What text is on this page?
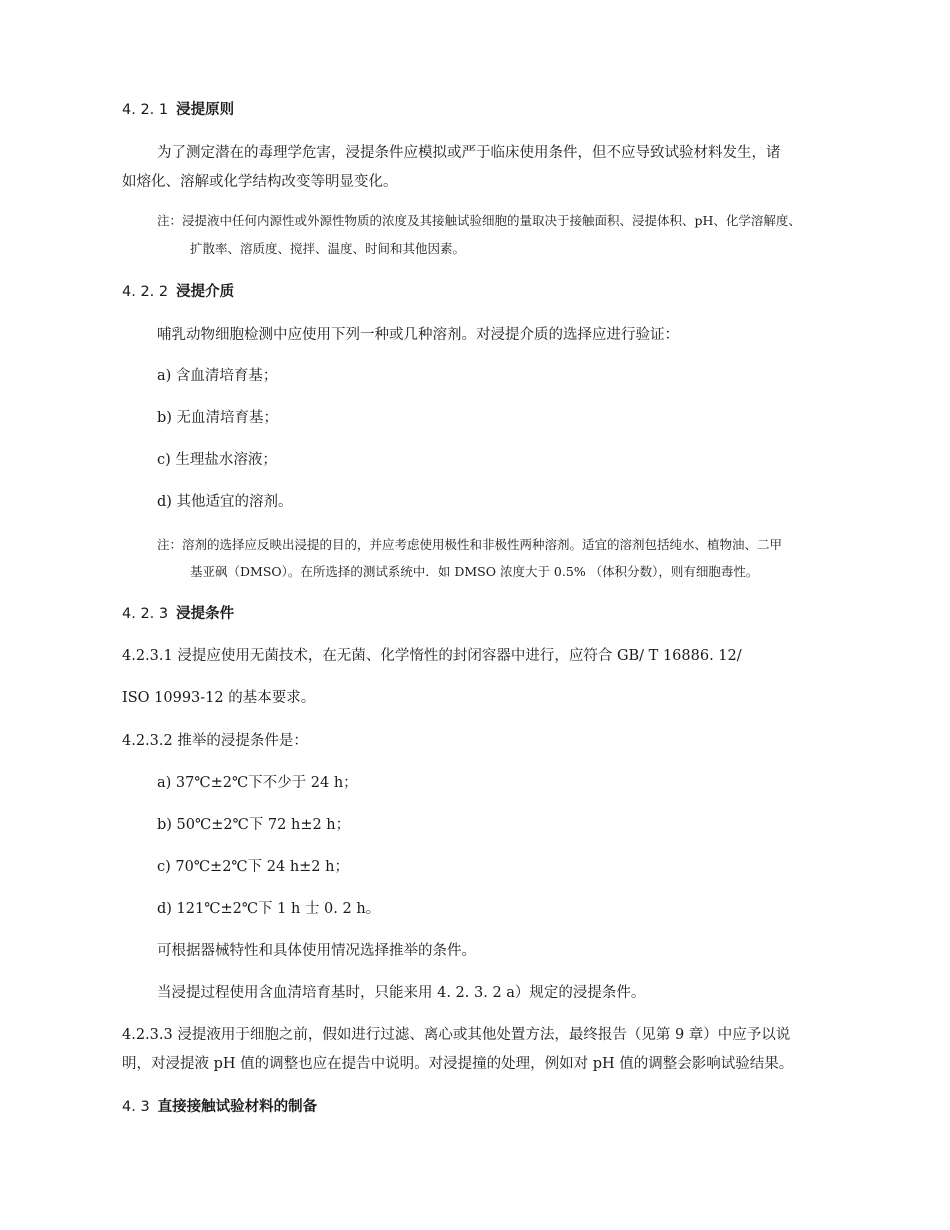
4. 2. 1 浸提原则
为了测定潜在的毒理学危害，浸提条件应模拟或严于临床使用条件，但不应导致试验材料发生，诸
如熔化、溶解或化学结构改变等明显变化。
注：浸提液中任何内源性或外源性物质的浓度及其接触试验细胞的量取决于接触面积、浸提体积、pH、化学溶解度、
扩散率、溶质度、搅拌、温度、时间和其他因素。
4. 2. 2 浸提介质
哺乳动物细胞检测中应使用下列一种或几种溶剂。对浸提介质的选择应进行验证：
a) 含血清培育基；
b) 无血清培育基；
c) 生理盐水溶液；
d) 其他适宜的溶剂。
注：溶剂的选择应反映出浸提的目的，并应考虑使用极性和非极性两种溶剂。适宜的溶剂包括纯水、植物油、二甲
基亚砜（DMSO）。在所选择的测试系统中．如 DMSO 浓度大于 0.5% （体积分数），则有细胞毒性。
4. 2. 3 浸提条件
4.2.3.1 浸提应使用无菌技术，在无菌、化学惰性的封闭容器中进行，应符合 GB/ T 16886. 12/
ISO 10993-12 的基本要求。
4.2.3.2 推举的浸提条件是：
a) 37℃±2℃下不少于 24 h；
b) 50℃±2℃下 72 h±2 h；
c) 70℃±2℃下 24 h±2 h；
d) 121℃±2℃下 1 h 士 0. 2 h。
可根据器械特性和具体使用情况选择推举的条件。
当浸提过程使用含血清培育基时，只能来用 4. 2. 3. 2 a）规定的浸提条件。
4.2.3.3 浸提液用于细胞之前，假如进行过滤、离心或其他处置方法，最终报告（见第 9 章）中应予以说
明，对浸提液 pH 值的调整也应在提告中说明。对浸提撞的处理，例如对 pH 值的调整会影响试验结果。
4. 3 直接接触试验材料的制备
